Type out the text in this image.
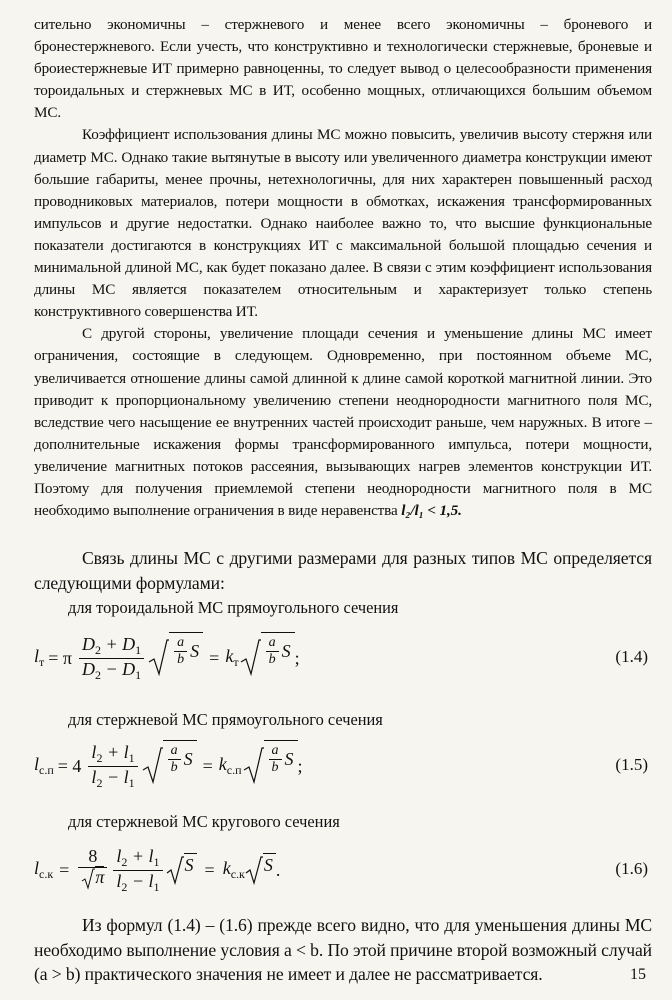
сительно экономичны – стержневого и менее всего экономичны – броневого и бронестержневого. Если учесть, что конструктивно и технологически стержневые, броневые и броиестержневые ИТ примерно равноценны, то следует вывод о целесообразности применения тороидальных и стержневых МС в ИТ, особенно мощных, отличающихся большим объемом МС.

Коэффициент использования длины МС можно повысить, увеличив высоту стержня или диаметр МС. Однако такие вытянутые в высоту или увеличенного диаметра конструкции имеют большие габариты, менее прочны, нетехнологичны, для них характерен повышенный расход проводниковых материалов, потери мощности в обмотках, искажения трансформированных импульсов и другие недостатки. Однако наиболее важно то, что высшие функциональные показатели достигаются в конструкциях ИТ с максимальной большой площадью сечения и минимальной длиной МС, как будет показано далее. В связи с этим коэффициент использования длины МС является показателем относительным и характеризует только степень конструктивного совершенства ИТ.

С другой стороны, увеличение площади сечения и уменьшение длины МС имеет ограничения, состоящие в следующем. Одновременно, при постоянном объеме МС, увеличивается отношение длины самой длинной к длине самой короткой магнитной линии. Это приводит к пропорциональному увеличению степени неоднородности магнитного поля МС, вследствие чего насыщение ее внутренних частей происходит раньше, чем наружных. В итоге – дополнительные искажения формы трансформированного импульса, потери мощности, увеличение магнитных потоков рассеяния, вызывающих нагрев элементов конструкции ИТ. Поэтому для получения приемлемой степени неоднородности магнитного поля в МС необходимо выполнение ограничения в виде неравенства l₂/l₁ < 1,5.

Связь длины МС с другими размерами для разных типов МС определяется следующими формулами:

для тороидальной МС прямоугольного сечения

$l_т = \pi$
$D_2 + D_1$
$D_2 - D_1$
a
b $S = k_т$
a
b S ;	(1.4)

для стержневой МС прямоугольного сечения

$l_{с.п} = 4$
$l_2 + l_1$
$l_2 - l_1$
a
b $S = k_{с.п}$
a
b S ;	(1.5)

для стержневой МС кругового сечения

$l_{с.к} = \frac{8}{\pi} l_2 + l_1$
$l_2 - l_1$
$S = k_{с.к}$ S .	(1.6)

Из формул (1.4) – (1.6) прежде всего видно, что для уменьшения длины МС необходимо выполнение условия a < b. По этой причине второй возможный случай (a > b) практического значения не имеет и далее не рассматривается.	15
